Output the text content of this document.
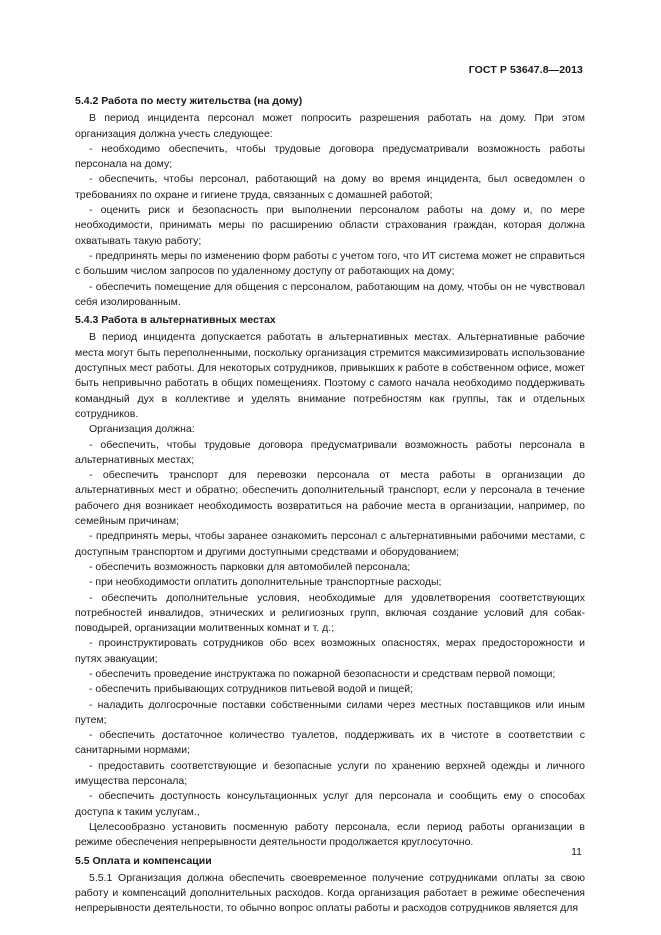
ГОСТ Р 53647.8—2013
5.4.2 Работа по месту жительства (на дому)

В период инцидента персонал может попросить разрешения работать на дому. При этом организация должна учесть следующее:

- необходимо обеспечить, чтобы трудовые договора предусматривали возможность работы персонала на дому;

- обеспечить, чтобы персонал, работающий на дому во время инцидента, был осведомлен о требованиях по охране и гигиене труда, связанных с домашней работой;

- оценить риск и безопасность при выполнении персоналом работы на дому и, по мере необходимости, принимать меры по расширению области страхования граждан, которая должна охватывать такую работу;

- предпринять меры по изменению форм работы с учетом того, что ИТ система может не справиться с большим числом запросов по удаленному доступу от работающих на дому;

- обеспечить помещение для общения с персоналом, работающим на дому, чтобы он не чувствовал себя изолированным.

5.4.3 Работа в альтернативных местах

В период инцидента допускается работать в альтернативных местах. Альтернативные рабочие места могут быть переполненными, поскольку организация стремится максимизировать использование доступных мест работы. Для некоторых сотрудников, привыкших к работе в собственном офисе, может быть непривычно работать в общих помещениях. Поэтому с самого начала необходимо поддерживать командный дух в коллективе и уделять внимание потребностям как группы, так и отдельных сотрудников.

Организация должна:

- обеспечить, чтобы трудовые договора предусматривали возможность работы персонала в альтернативных местах;

- обеспечить транспорт для перевозки персонала от места работы в организации до альтернативных мест и обратно; обеспечить дополнительный транспорт, если у персонала в течение рабочего дня возникает необходимость возвратиться на рабочие места в организации, например, по семейным причинам;

- предпринять меры, чтобы заранее ознакомить персонал с альтернативными рабочими местами, с доступным транспортом и другими доступными средствами и оборудованием;

- обеспечить возможность парковки для автомобилей персонала;

- при необходимости оплатить дополнительные транспортные расходы;

- обеспечить дополнительные условия, необходимые для удовлетворения соответствующих потребностей инвалидов, этнических и религиозных групп, включая создание условий для собак-поводырей, организации молитвенных комнат и т. д.;

- проинструктировать сотрудников обо всех возможных опасностях, мерах предосторожности и путях эвакуации;

- обеспечить проведение инструктажа по пожарной безопасности и средствам первой помощи;

- обеспечить прибывающих сотрудников питьевой водой и пищей;

- наладить долгосрочные поставки собственными силами через местных поставщиков или иным путем;

- обеспечить достаточное количество туалетов, поддерживать их в чистоте в соответствии с санитарными нормами;

- предоставить соответствующие и безопасные услуги по хранению верхней одежды и личного имущества персонала;

- обеспечить доступность консультационных услуг для персонала и сообщить ему о способах доступа к таким услугам.,

Целесообразно установить посменную работу персонала, если период работы организации в режиме обеспечения непрерывности деятельности продолжается круглосуточно.

5.5 Оплата и компенсации

5.5.1 Организация должна обеспечить своевременное получение сотрудниками оплаты за свою работу и компенсаций дополнительных расходов. Когда организация работает в режиме обеспечения непрерывности деятельности, то обычно вопрос оплаты работы и расходов сотрудников является для

11
